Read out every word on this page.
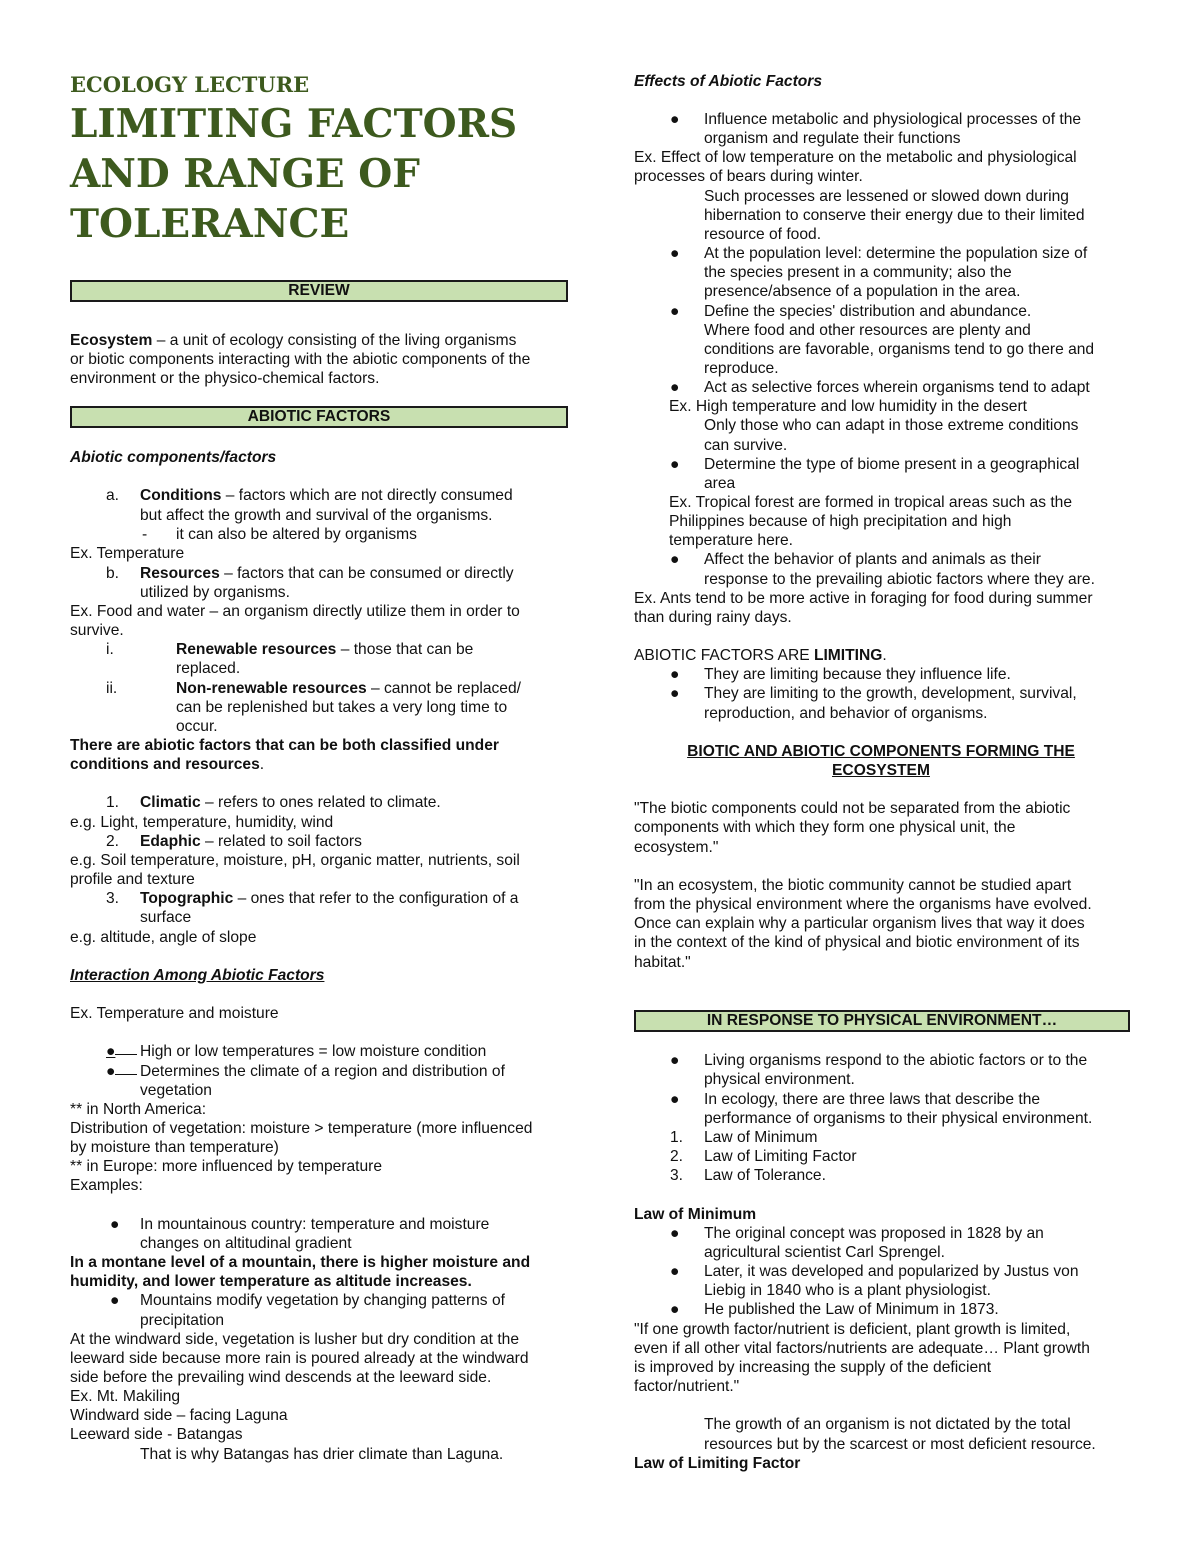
ECOLOGY LECTURE
LIMITING FACTORS
AND RANGE OF
TOLERANCE
REVIEW
Ecosystem – a unit of ecology consisting of the living organisms
or biotic components interacting with the abiotic components of the
environment or the physico-chemical factors.
ABIOTIC FACTORS
Abiotic components/factors
a. Conditions – factors which are not directly consumed
but affect the growth and survival of the organisms.
- it can also be altered by organisms
Ex. Temperature
b. Resources – factors that can be consumed or directly
utilized by organisms.
Ex. Food and water – an organism directly utilize them in order to
survive.
i.	Renewable resources – those that can be
replaced.
ii.	Non-renewable resources – cannot be replaced/
can be replenished but takes a very long time to
occur.
There are abiotic factors that can be both classified under
conditions and resources.
1. Climatic – refers to ones related to climate.
e.g. Light, temperature, humidity, wind
2. Edaphic – related to soil factors
e.g. Soil temperature, moisture, pH, organic matter, nutrients, soil
profile and texture
3. Topographic – ones that refer to the configuration of a
surface
e.g. altitude, angle of slope
Interaction Among Abiotic Factors
Ex. Temperature and moisture
●	High or low temperatures = low moisture condition
●	Determines the climate of a region and distribution of
vegetation
** in North America:
Distribution of vegetation: moisture > temperature (more influenced
by moisture than temperature)
** in Europe: more influenced by temperature
Examples:
● In mountainous country: temperature and moisture
changes on altitudinal gradient
In a montane level of a mountain, there is higher moisture and
humidity, and lower temperature as altitude increases.
● Mountains modify vegetation by changing patterns of
precipitation
At the windward side, vegetation is lusher but dry condition at the
leeward side because more rain is poured already at the windward
side before the prevailing wind descends at the leeward side.
Ex. Mt. Makiling
Windward side – facing Laguna
Leeward side - Batangas
That is why Batangas has drier climate than Laguna.
Effects of Abiotic Factors
● Influence metabolic and physiological processes of the
organism and regulate their functions
Ex. Effect of low temperature on the metabolic and physiological
processes of bears during winter.
Such processes are lessened or slowed down during
hibernation to conserve their energy due to their limited
resource of food.
● At the population level: determine the population size of
the species present in a community; also the
presence/absence of a population in the area.
● Define the species' distribution and abundance.
Where food and other resources are plenty and
conditions are favorable, organisms tend to go there and
reproduce.
● Act as selective forces wherein organisms tend to adapt
Ex. High temperature and low humidity in the desert
Only those who can adapt in those extreme conditions
can survive.
● Determine the type of biome present in a geographical
area
Ex. Tropical forest are formed in tropical areas such as the
Philippines because of high precipitation and high
temperature here.
● Affect the behavior of plants and animals as their
response to the prevailing abiotic factors where they are.
Ex. Ants tend to be more active in foraging for food during summer
than during rainy days.
ABIOTIC FACTORS ARE LIMITING.
● They are limiting because they influence life.
● They are limiting to the growth, development, survival,
reproduction, and behavior of organisms.
BIOTIC AND ABIOTIC COMPONENTS FORMING THE
ECOSYSTEM
"The biotic components could not be separated from the abiotic
components with which they form one physical unit, the
ecosystem."
"In an ecosystem, the biotic community cannot be studied apart
from the physical environment where the organisms have evolved.
Once can explain why a particular organism lives that way it does
in the context of the kind of physical and biotic environment of its
habitat."
IN RESPONSE TO PHYSICAL ENVIRONMENT…
● Living organisms respond to the abiotic factors or to the
physical environment.
● In ecology, there are three laws that describe the
performance of organisms to their physical environment.
1. Law of Minimum
2. Law of Limiting Factor
3. Law of Tolerance.
Law of Minimum
● The original concept was proposed in 1828 by an
agricultural scientist Carl Sprengel.
● Later, it was developed and popularized by Justus von
Liebig in 1840 who is a plant physiologist.
● He published the Law of Minimum in 1873.
"If one growth factor/nutrient is deficient, plant growth is limited,
even if all other vital factors/nutrients are adequate… Plant growth
is improved by increasing the supply of the deficient
factor/nutrient."
The growth of an organism is not dictated by the total
resources but by the scarcest or most deficient resource.
Law of Limiting Factor
